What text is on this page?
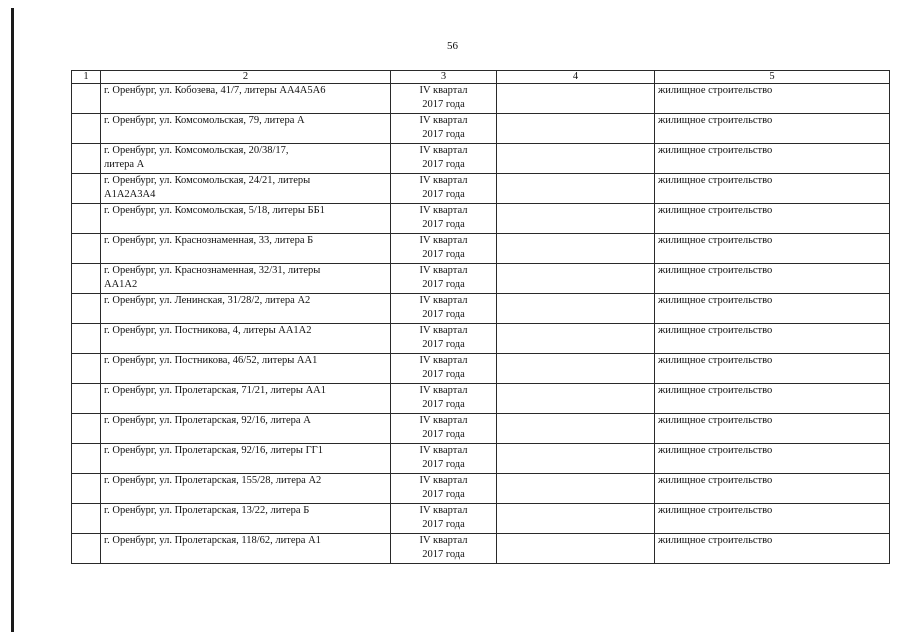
56
1	2	3	4	5

	г. Оренбург, ул. Кобозева, 41/7, литеры АА4А5А6	IV квартал
2017 года		жилищное строительство

	г. Оренбург, ул. Комсомольская, 79, литера А	IV квартал
2017 года		жилищное строительство

	г. Оренбург, ул. Комсомольская, 20/38/17,
литера А	IV квартал
2017 года		жилищное строительство

	г. Оренбург, ул. Комсомольская, 24/21, литеры
А1А2А3А4	IV квартал
2017 года		жилищное строительство

	г. Оренбург, ул. Комсомольская, 5/18, литеры ББ1	IV квартал
2017 года		жилищное строительство

	г. Оренбург, ул. Краснознаменная, 33, литера Б	IV квартал
2017 года		жилищное строительство

	г. Оренбург, ул. Краснознаменная, 32/31, литеры
АА1А2	IV квартал
2017 года		жилищное строительство

	г. Оренбург, ул. Ленинская, 31/28/2, литера А2	IV квартал
2017 года		жилищное строительство

	г. Оренбург, ул. Постникова, 4, литеры АА1А2	IV квартал
2017 года		жилищное строительство

	г. Оренбург, ул. Постникова, 46/52, литеры АА1	IV квартал
2017 года		жилищное строительство

	г. Оренбург, ул. Пролетарская, 71/21, литеры АА1	IV квартал
2017 года		жилищное строительство

	г. Оренбург, ул. Пролетарская, 92/16, литера А	IV квартал
2017 года		жилищное строительство

	г. Оренбург, ул. Пролетарская, 92/16, литеры ГГ1	IV квартал
2017 года		жилищное строительство

	г. Оренбург, ул. Пролетарская, 155/28, литера А2	IV квартал
2017 года		жилищное строительство

	г. Оренбург, ул. Пролетарская, 13/22, литера Б	IV квартал
2017 года		жилищное строительство

	г. Оренбург, ул. Пролетарская, 118/62, литера А1	IV квартал
2017 года		жилищное строительство
